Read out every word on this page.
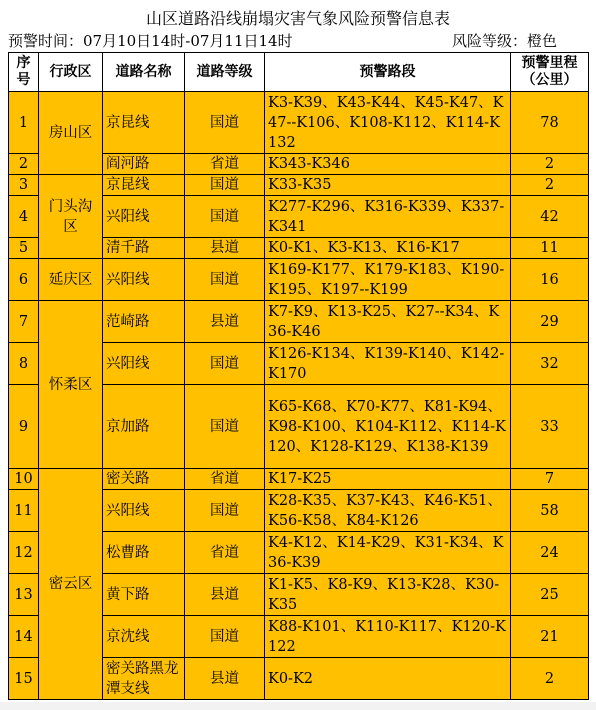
山区道路沿线崩塌灾害气象风险预警信息表
预警时间：07月10日14时-07月11日14时	风险等级：橙色
序号	行政区	道路名称	道路等级	预警路段	预警里程（公里）
1	房山区	京昆线	国道	K3-K39、K43-K44、K45-K47、K47--K106、K108-K112、K114-K132	78
2		阎河路	省道	K343-K346	2
3	门头沟区	京昆线	国道	K33-K35	2
4		兴阳线	国道	K277-K296、K316-K339、K337-K341	42
5		清千路	县道	K0-K1、K3-K13、K16-K17	11
6	延庆区	兴阳线	国道	K169-K177、K179-K183、K190-K195、K197--K199	16
7	怀柔区	范崎路	县道	K7-K9、K13-K25、K27--K34、K36-K46	29
8		兴阳线	国道	K126-K134、K139-K140、K142-K170	32
9		京加路	国道	K65-K68、K70-K77、K81-K94、K98-K100、K104-K112、K114-K120、K128-K129、K138-K139	33
10	密云区	密关路	省道	K17-K25	7
11		兴阳线	国道	K28-K35、K37-K43、K46-K51、K56-K58、K84-K126	58
12		松曹路	省道	K4-K12、K14-K29、K31-K34、K36-K39	24
13		黄下路	县道	K1-K5、K8-K9、K13-K28、K30-K35	25
14		京沈线	国道	K88-K101、K110-K117、K120-K122	21
15		密关路黑龙潭支线	县道	K0-K2	2
